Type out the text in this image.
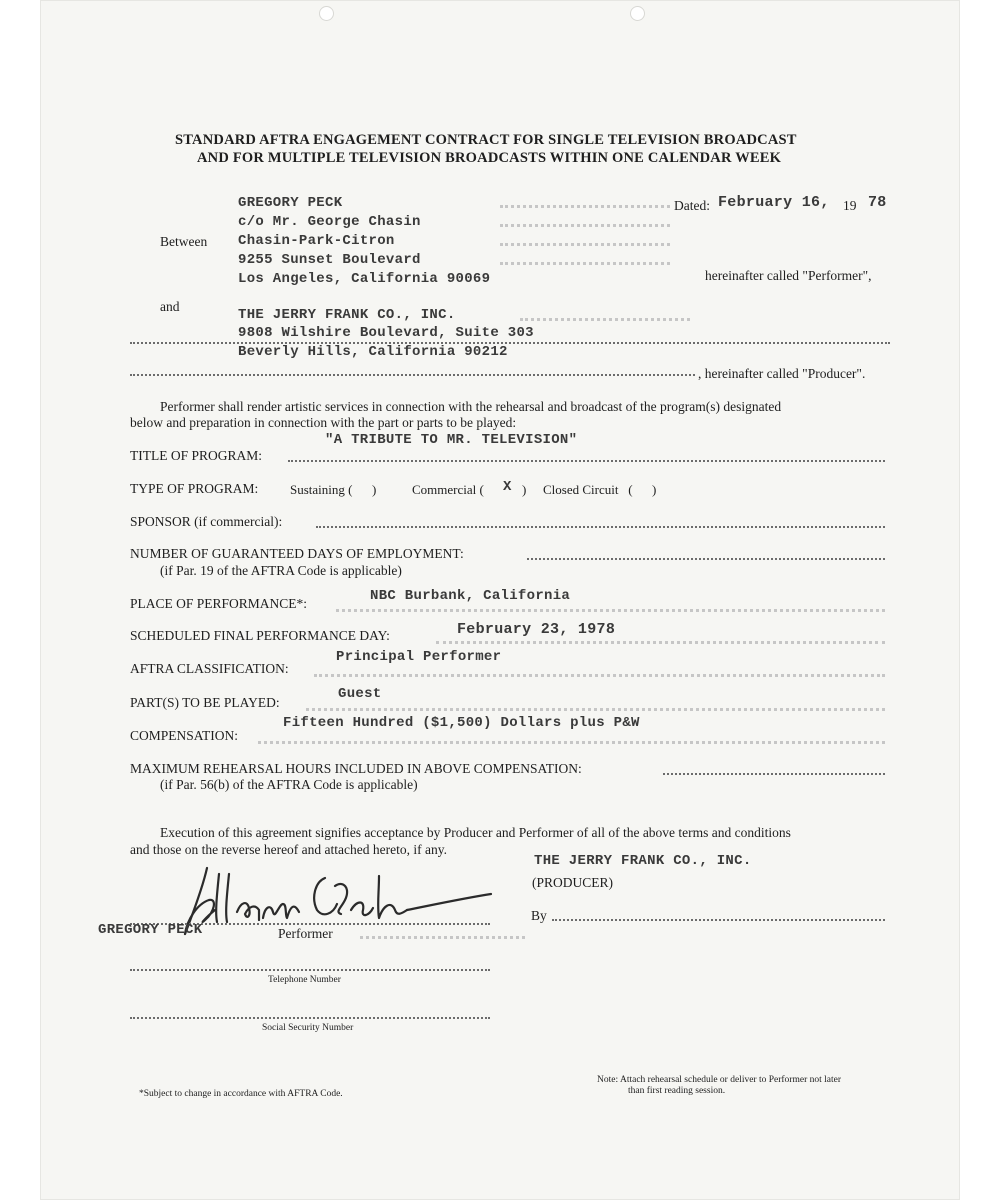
STANDARD AFTRA ENGAGEMENT CONTRACT FOR SINGLE TELEVISION BROADCAST
AND FOR MULTIPLE TELEVISION BROADCASTS WITHIN ONE CALENDAR WEEK
GREGORY PECK
c/o Mr. George Chasin
Between Chasin-Park-Citron
9255 Sunset Boulevard
Los Angeles, California 90069
Dated: February 16, 19 78
hereinafter called "Performer",
and
THE JERRY FRANK CO., INC.
9808 Wilshire Boulevard, Suite 303
Beverly Hills, California 90212
, hereinafter called "Producer".
Performer shall render artistic services in connection with the rehearsal and broadcast of the program(s) designated
below and preparation in connection with the part or parts to be played:
"A TRIBUTE TO MR. TELEVISION"
TITLE OF PROGRAM:
TYPE OF PROGRAM: Sustaining (      )	Commercial ( X ) Closed Circuit   (      )
SPONSOR (if commercial):
NUMBER OF GUARANTEED DAYS OF EMPLOYMENT:
(if Par. 19 of the AFTRA Code is applicable)
NBC Burbank, California
PLACE OF PERFORMANCE*:
February 23, 1978
SCHEDULED FINAL PERFORMANCE DAY:
Principal Performer
AFTRA CLASSIFICATION:
Guest
PART(S) TO BE PLAYED:
Fifteen Hundred ($1,500) Dollars plus P&W
COMPENSATION:
MAXIMUM REHEARSAL HOURS INCLUDED IN ABOVE COMPENSATION:
(if Par. 56(b) of the AFTRA Code is applicable)
Execution of this agreement signifies acceptance by Producer and Performer of all of the above terms and conditions
and those on the reverse hereof and attached hereto, if any.
THE JERRY FRANK CO., INC.
(PRODUCER)
By
GREGORY PECK	Performer
Telephone Number
Social Security Number
*Subject to change in accordance with AFTRA Code.
Note: Attach rehearsal schedule or deliver to Performer not later
than first reading session.
